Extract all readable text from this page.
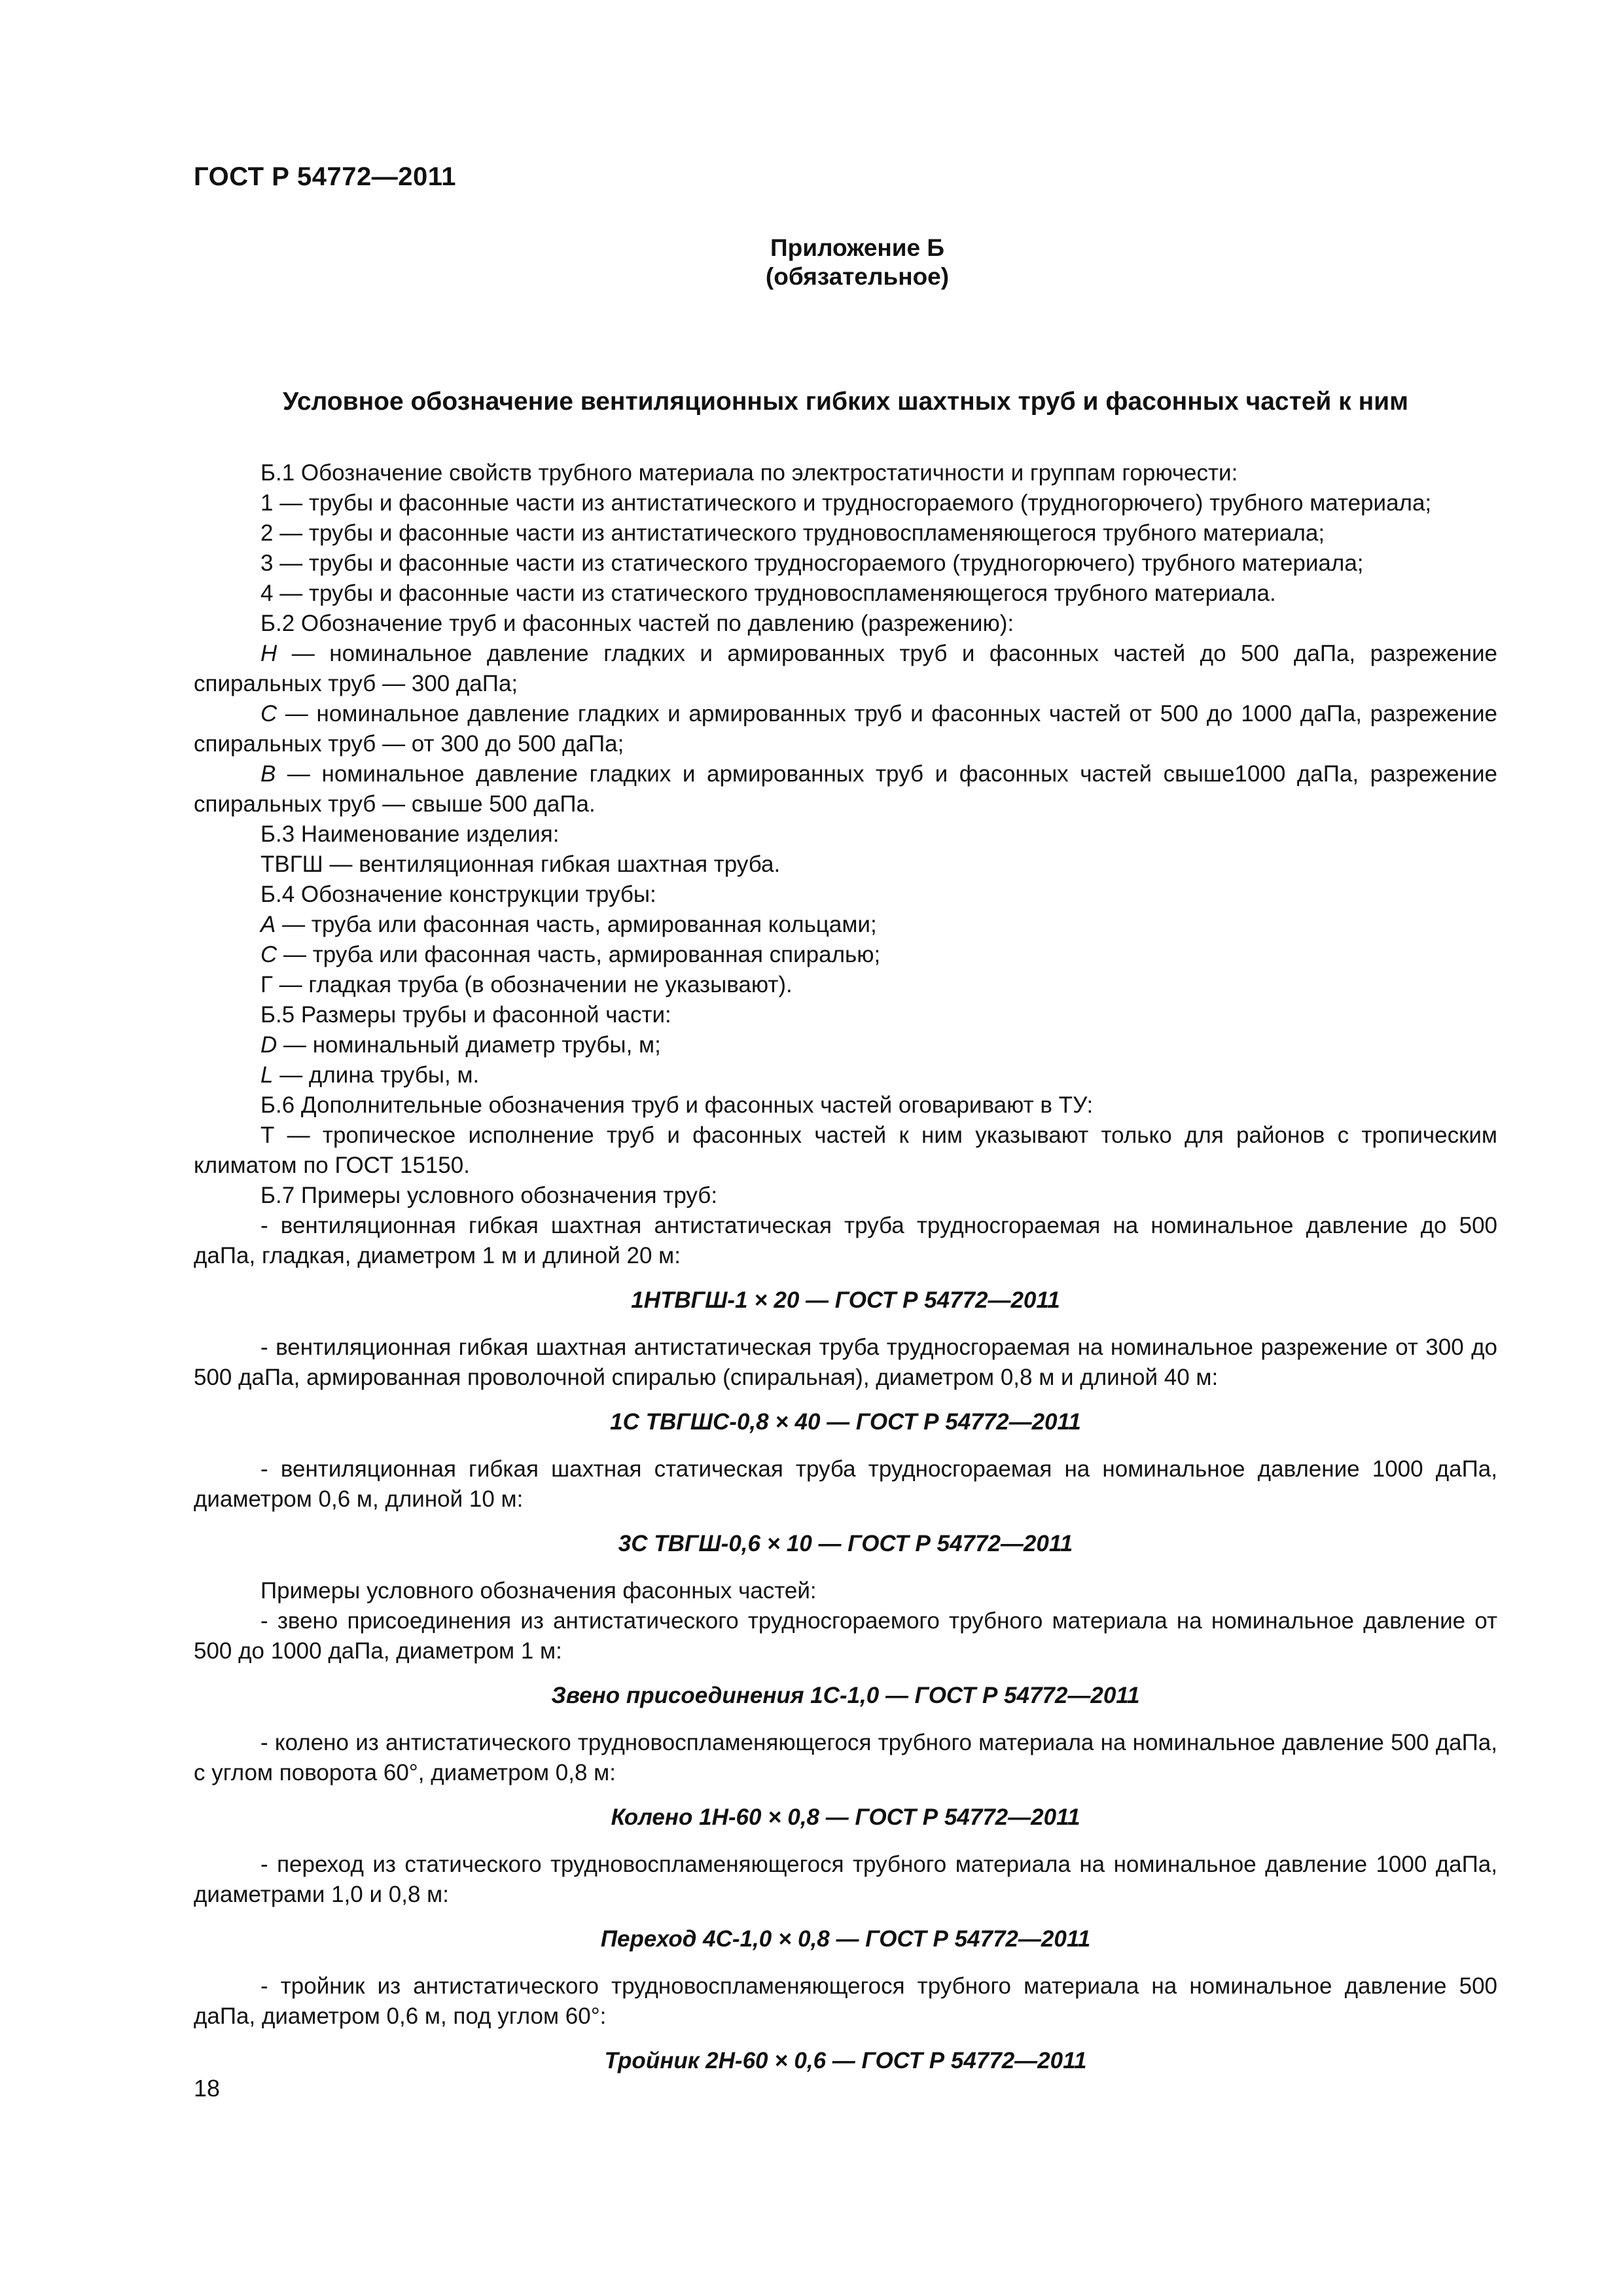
ГОСТ Р 54772—2011
Приложение Б
(обязательное)
Условное обозначение вентиляционных гибких шахтных труб и фасонных частей к ним

Б.1 Обозначение свойств трубного материала по электростатичности и группам горючести:

1 — трубы и фасонные части из антистатического и трудносгораемого (трудногорючего) трубного материала;

2 — трубы и фасонные части из антистатического трудновоспламеняющегося трубного материала;

3 — трубы и фасонные части из статического трудносгораемого (трудногорючего) трубного материала;

4 — трубы и фасонные части из статического трудновоспламеняющегося трубного материала.

Б.2 Обозначение труб и фасонных частей по давлению (разрежению):

Н — номинальное давление гладких и армированных труб и фасонных частей до 500 даПа, разрежение спиральных труб — 300 даПа;

С — номинальное давление гладких и армированных труб и фасонных частей от 500 до 1000 даПа, разрежение спиральных труб — от 300 до 500 даПа;

В — номинальное давление гладких и армированных труб и фасонных частей свыше1000 даПа, разрежение спиральных труб — свыше 500 даПа.

Б.3 Наименование изделия:

ТВГШ — вентиляционная гибкая шахтная труба.

Б.4 Обозначение конструкции трубы:

А — труба или фасонная часть, армированная кольцами;

С — труба или фасонная часть, армированная спиралью;

Г — гладкая труба (в обозначении не указывают).

Б.5 Размеры трубы и фасонной части:

D — номинальный диаметр трубы, м;

L — длина трубы, м.

Б.6 Дополнительные обозначения труб и фасонных частей оговаривают в ТУ:

Т — тропическое исполнение труб и фасонных частей к ним указывают только для районов с тропическим климатом по ГОСТ 15150.

Б.7 Примеры условного обозначения труб:

- вентиляционная гибкая шахтная антистатическая труба трудносгораемая на номинальное давление до 500 даПа, гладкая, диаметром 1 м и длиной 20 м:

1НТВГШ-1 × 20 — ГОСТ Р 54772—2011

- вентиляционная гибкая шахтная антистатическая труба трудносгораемая на номинальное разрежение от 300 до 500 даПа, армированная проволочной спиралью (спиральная), диаметром 0,8 м и длиной 40 м:

1С ТВГШС-0,8 × 40 — ГОСТ Р 54772—2011

- вентиляционная гибкая шахтная статическая труба трудносгораемая на номинальное давление 1000 даПа, диаметром 0,6 м, длиной 10 м:

3С ТВГШ-0,6 × 10 — ГОСТ Р 54772—2011

Примеры условного обозначения фасонных частей:

- звено присоединения из антистатического трудносгораемого трубного материала на номинальное давление от 500 до 1000 даПа, диаметром 1 м:

Звено присоединения 1С-1,0 — ГОСТ Р 54772—2011

- колено из антистатического трудновоспламеняющегося трубного материала на номинальное давление 500 даПа, с углом поворота 60°, диаметром 0,8 м:

Колено 1Н-60 × 0,8 — ГОСТ Р 54772—2011

- переход из статического трудновоспламеняющегося трубного материала на номинальное давление 1000 даПа, диаметрами 1,0 и 0,8 м:

Переход 4С-1,0 × 0,8 — ГОСТ Р 54772—2011

- тройник из антистатического трудновоспламеняющегося трубного материала на номинальное давление 500 даПа, диаметром 0,6 м, под углом 60°:

Тройник 2Н-60 × 0,6 — ГОСТ Р 54772—2011

18
